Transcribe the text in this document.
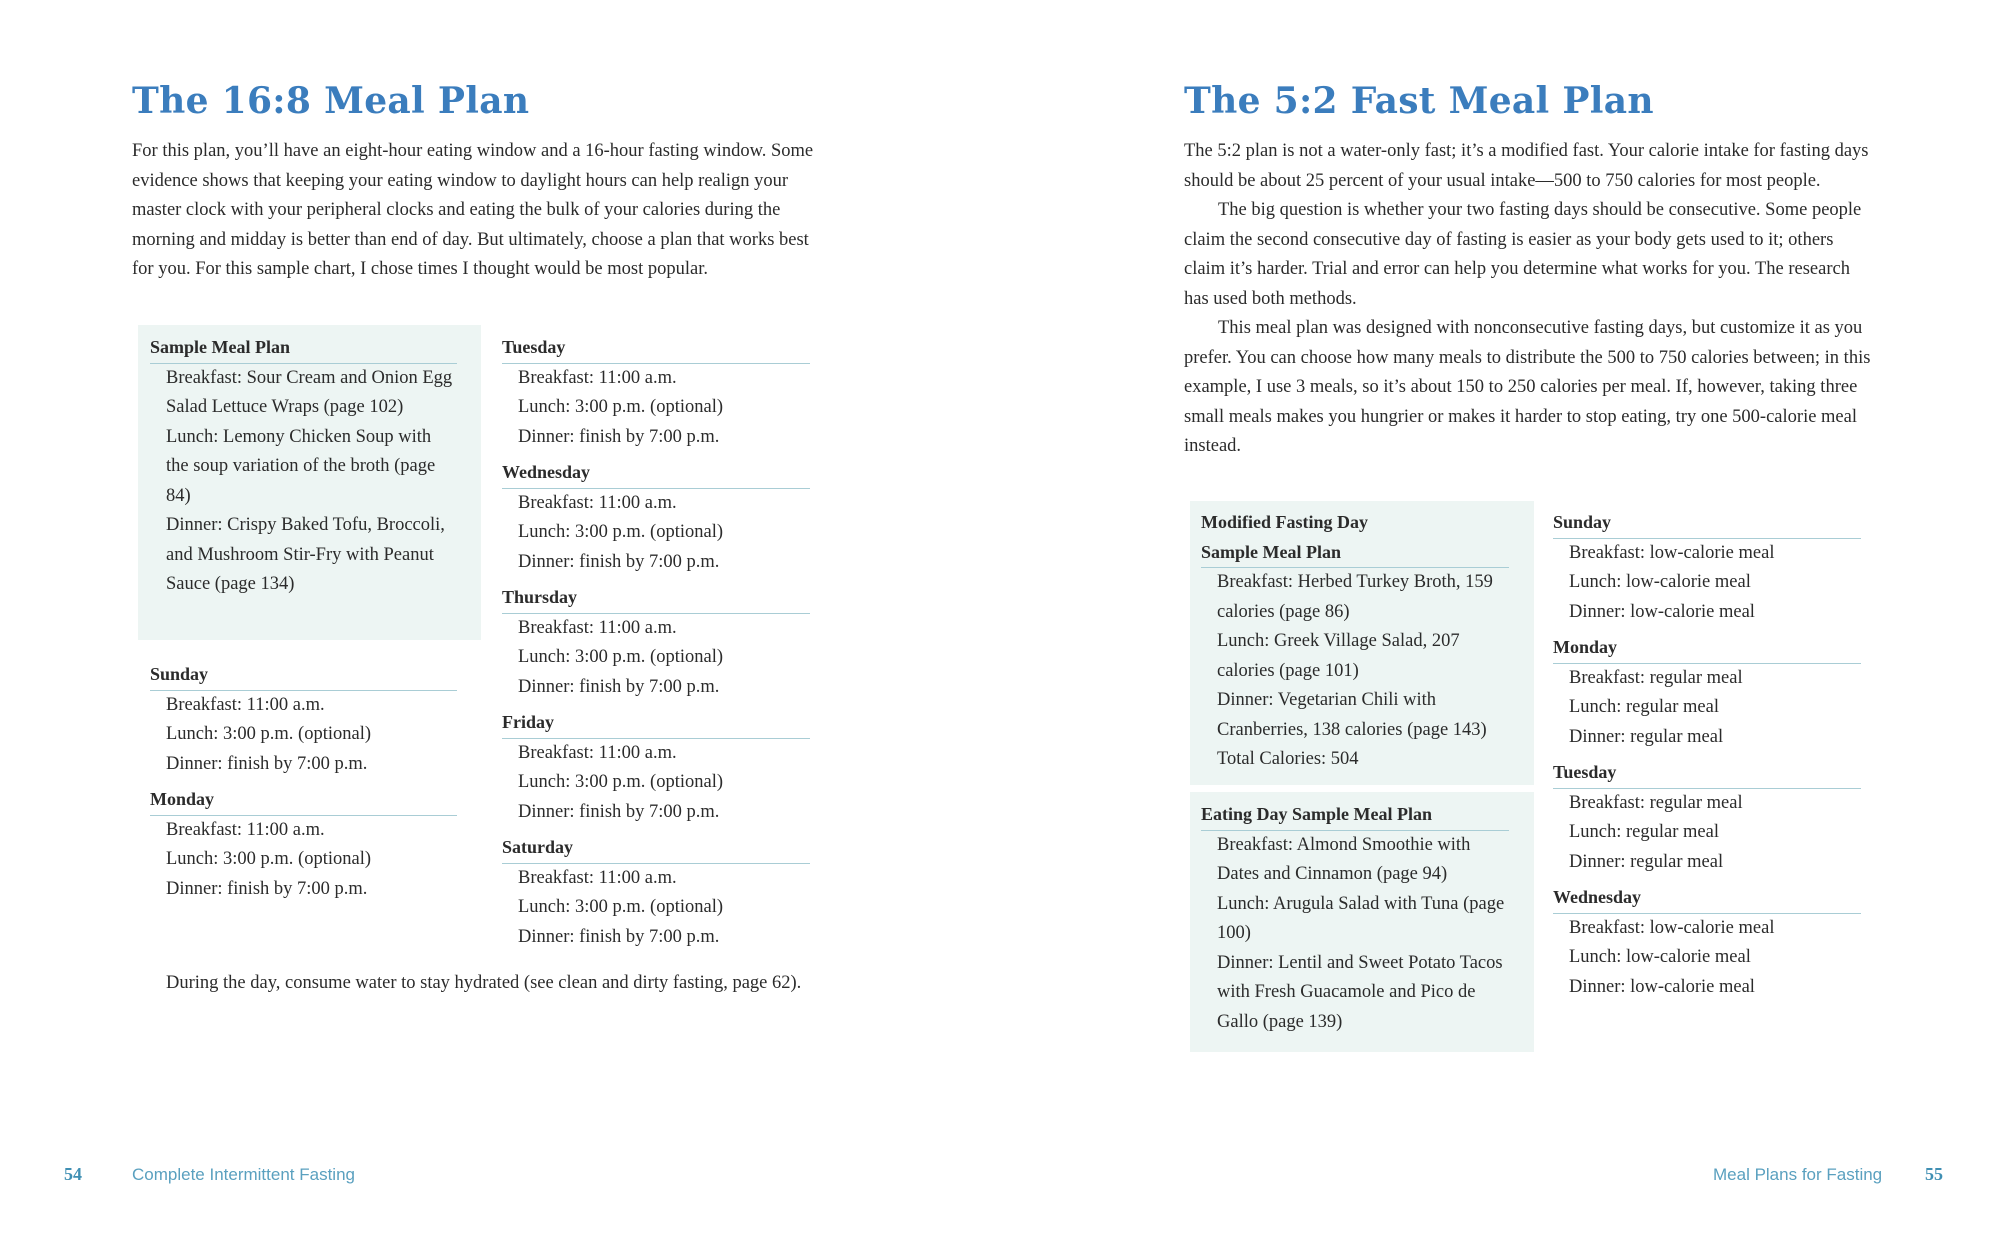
The 16:8 Meal Plan

For this plan, you’ll have an eight-hour eating window and a 16-hour fasting window. Some evidence shows that keeping your eating window to daylight hours can help realign your master clock with your peripheral clocks and eating the bulk of your calories during the morning and midday is better than end of day. But ultimately, choose a plan that works best for you. For this sample chart, I chose times I thought would be most popular.

Sample Meal Plan
Breakfast: Sour Cream and Onion Egg Salad Lettuce Wraps (page 102)
Lunch: Lemony Chicken Soup with the soup variation of the broth (page 84)
Dinner: Crispy Baked Tofu, Broccoli, and Mushroom Stir-Fry with Peanut Sauce (page 134)
Sunday
Breakfast: 11:00 a.m.
Lunch: 3:00 p.m. (optional)
Dinner: finish by 7:00 p.m.
Monday
Breakfast: 11:00 a.m.
Lunch: 3:00 p.m. (optional)
Dinner: finish by 7:00 p.m.
Tuesday
Breakfast: 11:00 a.m.
Lunch: 3:00 p.m. (optional)
Dinner: finish by 7:00 p.m.
Wednesday
Breakfast: 11:00 a.m.
Lunch: 3:00 p.m. (optional)
Dinner: finish by 7:00 p.m.
Thursday
Breakfast: 11:00 a.m.
Lunch: 3:00 p.m. (optional)
Dinner: finish by 7:00 p.m.
Friday
Breakfast: 11:00 a.m.
Lunch: 3:00 p.m. (optional)
Dinner: finish by 7:00 p.m.
Saturday
Breakfast: 11:00 a.m.
Lunch: 3:00 p.m. (optional)
Dinner: finish by 7:00 p.m.

During the day, consume water to stay hydrated (see clean and dirty fasting, page 62).

54	Complete Intermittent Fasting
The 5:2 Fast Meal Plan

The 5:2 plan is not a water-only fast; it’s a modified fast. Your calorie intake for fasting days should be about 25 percent of your usual intake—500 to 750 calories for most people.

The big question is whether your two fasting days should be consecutive. Some people claim the second consecutive day of fasting is easier as your body gets used to it; others claim it’s harder. Trial and error can help you determine what works for you. The research has used both methods.

This meal plan was designed with nonconsecutive fasting days, but customize it as you prefer. You can choose how many meals to distribute the 500 to 750 calories between; in this example, I use 3 meals, so it’s about 150 to 250 calories per meal. If, however, taking three small meals makes you hungrier or makes it harder to stop eating, try one 500-calorie meal instead.

Modified Fasting Day
Sample Meal Plan
Breakfast: Herbed Turkey Broth, 159 calories (page 86)
Lunch: Greek Village Salad, 207 calories (page 101)
Dinner: Vegetarian Chili with Cranberries, 138 calories (page 143)
Total Calories: 504
Eating Day Sample Meal Plan
Breakfast: Almond Smoothie with Dates and Cinnamon (page 94)
Lunch: Arugula Salad with Tuna (page 100)
Dinner: Lentil and Sweet Potato Tacos with Fresh Guacamole and Pico de Gallo (page 139)
Sunday
Breakfast: low-calorie meal
Lunch: low-calorie meal
Dinner: low-calorie meal
Monday
Breakfast: regular meal
Lunch: regular meal
Dinner: regular meal
Tuesday
Breakfast: regular meal
Lunch: regular meal
Dinner: regular meal
Wednesday
Breakfast: low-calorie meal
Lunch: low-calorie meal
Dinner: low-calorie meal
Meal Plans for Fasting 55
